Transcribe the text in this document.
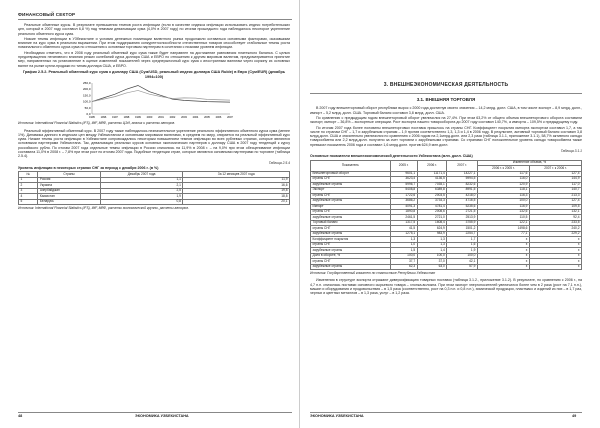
ФИНАНСОВЫЙ СЕКТОР

Реальные обменные курсы. В результате превышения темпов роста инфляции (если в качестве индекса инфляции использовать индекс потребительских цен, который в 2007 году составил 6,8 %) над темпами девальвации сума (4,0% в 2007 году) по итогам прошедшего года наблюдалось некоторое укрепление реального обменного курса сума.

Низкие темпы инфляции в УЗбекистане и условия денежных номинации валютного рынка продолжили оставаться основными факторами, оказавшими влияние на курс сума в реальном выражении. При этом поддержанию конкурентоспособности отечественных товаров способствует стабильные темпы роста номинального обменного курса сума по отношению к основным торговым партнерам в сочетании с низкими уровнем инфляции.

Необходимо отметить, что в 2008 году реальный обменный курс сума также будет направлен на достижение равновесия платежного баланса. С целью предотвращения негативного влияния резких колебаний курса доллара США и ЕВРО по отношению к другим мировым валютам, предусматривается принятие мер, направленных на установление в оценке изменений показателей через среднерыночный курс сума к иностранным валютам через корзину из основных валют на рынке купли-продажи по типам доллара США, и ЕВРО.

График 2.5.2. Реальный обменный курс сума к доллару США (Сум/USD, реальный индекс доллара США Ruble) в Евро (Сум/EUR) (декабрь 1994=100)
250,0
200,0
150,0
100,0
50,0
0,0
1995 1996 1997 1998 1999 2000 2001 2002 2003 2004 2005 2006 2007
Источник: International Financial Statistics (IFS), IMF, МВФ, расчеты ЦЭИ, анализ и расчеты авторов.

Реальный эффективный обменный курс. В 2007 году также наблюдалось незначительное укрепление реального эффективного обменного курса сума (менее 1%). Динамика данного в индексах цен между Узбекистаном и основными мировыми валютами, в среднем по миру, опирается на реальный эффективный курс сума. Низкие темпы роста инфляции в Узбекистане сопровождались некоторым повышением темпов инфляции во всех рублевых странах, которые являются основными партнерами Узбекистана. Так, девальвация реальных курсов основных экономических партнеров к доллару США в 2007 году тенденций к курсу российского рубля. По итогам 2007 года отдельные темпы инфляции в России снизились на 11,9% в 2008 г. – на 9,0% при этом обесценивание инфляции составила 11,0% в 2008 г. – 7,8% при этом рост по итогам 2007 года. Подобные тенденции стран, которые являются основными партнерами по торговле (таблица 2.5.4).

Таблица 2.5.4
Уровень инфляции в некоторых странах СНГ за период с декабря 2006 г. (в %)
№	Страны	Декабрь 2007 года	За 12 месяцев 2007 года
1	Россия	1,1	11,9
2	Украина	2,1	16,6
3	Азербайджан	2,5	19,8
4	Казахстан	1,9	18,8
5	Беларусь	0,8	20,1
Источник: International Financial Statistics (IFS), IMF, МВФ, расчеты экономической группы, расчеты авторов.
48	ЭКОНОМИКА УЗБЕКИСТАНА
3. ВНЕШНЕЭКОНОМИЧЕСКАЯ ДЕЯТЕЛЬНОСТЬ
3.1. ВНЕШНЯЯ ТОРГОВЛЯ

В 2007 году внешнеторговый оборот республики вырос с 2000 года достигнув своего значения – 14,2 млрд. долл. США, в том числе экспорт – 8,9 млрд. долл., импорт – 5,2 млрд. долл. США. Торговый баланс составил 3,8 млрд. долл. США.

По сравнению с предыдущим годом внешнеторговый оборот увеличился на 27,4%. При этом 63,2% от общего объема внешнеторгового оборота составили экспорт, импорт – 36,8% – экспортные операции. Рост экспорта нашего товарооборота до 2007 году составил 140,7%, а импорта – 109,5% к предыдущему году.

По итогам 2007 года более половины внешнеторговых поставок пришлось на страны СНГ. Коэффициент покрытия импорта экспортом составил 1,7, а так числе по странам СНГ – 1,7 и зарубежным странам – 1,9 против соответственно 1,3, 1,3 и 1,4 в 2006 году. В результате, активный торговый баланс составил 3,8 млрд.долл. США и значительно увеличился по сравнению с 2006 годом на 2,1млрд.долл. или 2,3 раза (таблица 3.1.1, приложение 3.1.1), 58,7% активного сальдо товарообмена или 2,2 млрд.долл. получено за счет торговли с зарубежными странами. Со странами СНГ положительное уровень сальдо товарообмена также превысил показатель 2006 года и составил 1,6 млрд.долл. против 624,9 млн.долл.

Таблица 3.1.1
Основные показатели внешнеэкономической деятельности Узбекистана (млн. долл. США)
Показатель	2005 г.	2006 г.	2007 г.	Изменение объема, %	
				2006 г. к 2005 г.	2007 г. к 2006 г.
Внешнеторговый оборот	9601,1	11171,4	14227,1	117,6	127,4
страны СНГ	3623,4	4136,5	5994,5	116,0	144,9
зарубежные страны	5996,7	7035,1	8232,6	120,9	117,0
Экспорт	5408,8	6389,8	8991,5	118,1	140,7
страны СНГ	1722,6	2003,5	4218,0	116,3	213,3
зарубежные страны	3686,2	3734,3	4716,5	100,0	127,4
Импорт	4091,3	4781,4	5235,6	116,9	109,5
страны СНГ	1890,8	2008,6	2721,5	132,6	132,1
зарубежные страны	2461,5	2721,0	2513,9	110,5	92,4
Торговый баланс	1317,5	1608,4	3755,9	122,1	233,5
страны СНГ	41,5	624,9	1501,2	1498,6	240,2
зарубежные страны	1275,1	983,9	2254,7	77,1	229,2
Коэффициент покрытия	1,3	1,3	1,7	х	х
страны СНГ	1,0	1,3	1,6	х	х
зарубежные страны	1,5	1,4	1,9	х	х
Доля в обороте, %	100,0	100,0	100,0	х	х
страны СНГ	37,7	37,0	42,1	х	х
зарубежные страны	62,3	63,0	57,9	х	х
Источник: Государственный комитет по статистике Республики Узбекистан

Изменения в структуре экспорта отражают диверсификацию товарных поставок (таблица 3.1.2., приложение 3.1.2). В результате, по сравнению с 2006 г., на 4,7 п.п. снизилась поставки основного сырьевого товара – хлопка-волокна. При этом экспорт энергоносителей увеличился более чем в 2 раза (рост на 7,1 п.п.), машин и оборудования и продовольствия – в 1,5 раза (соответственно, рост на 0,3 п.п. и 0,8 п.п.), химической продукции, пластмасс и изделий из них – в 1,7 раз, черных и цветных металлов – в 1,3 раза, услуг – в 1,2 раза.

ЭКОНОМИКА УЗБЕКИСТАНА	49
